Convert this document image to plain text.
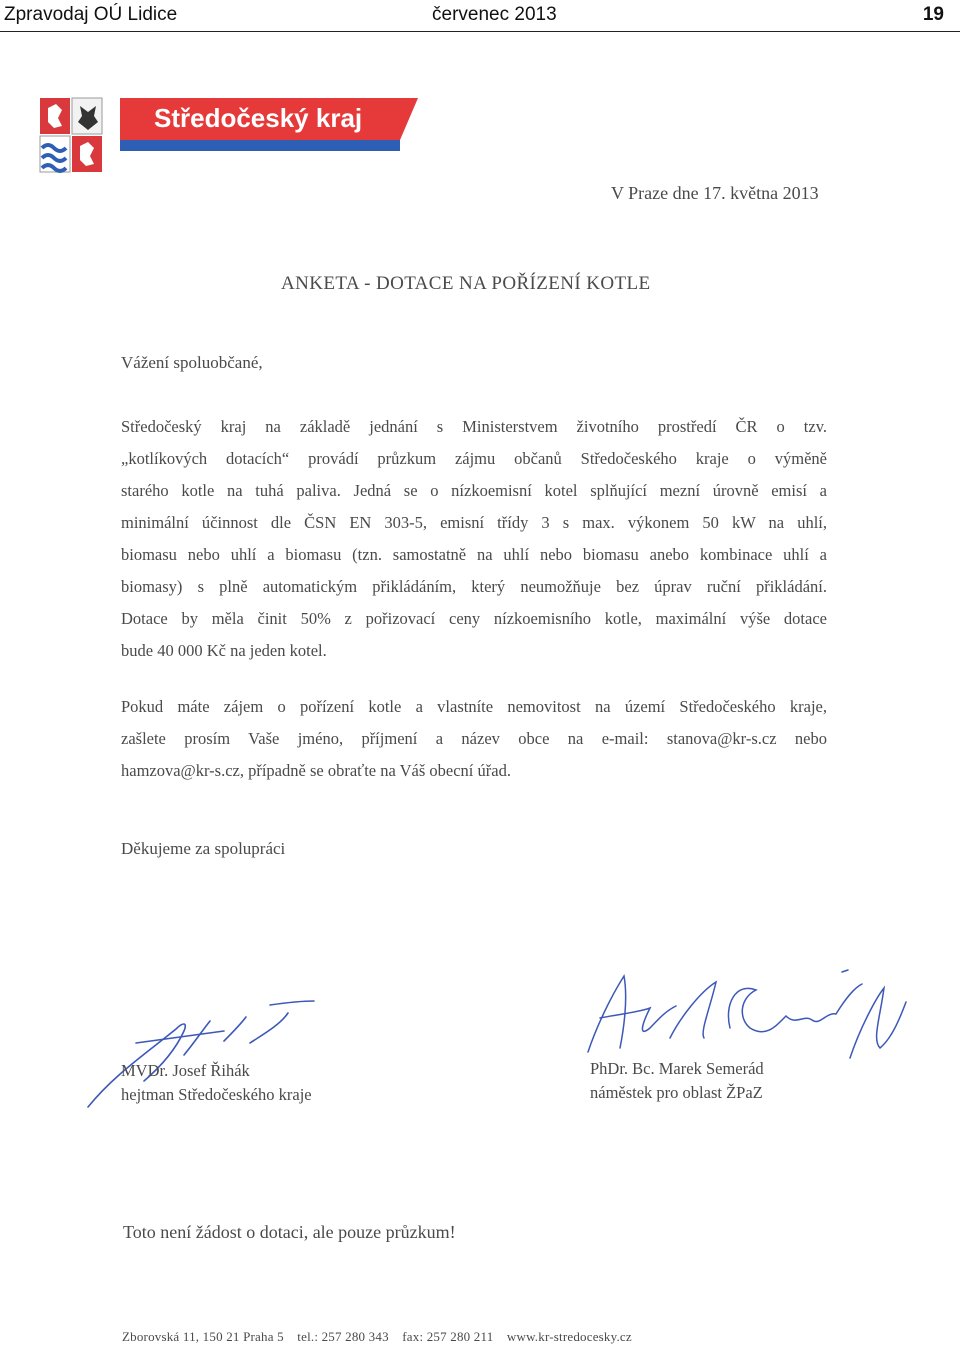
Zpravodaj OÚ Lidice	červenec 2013	19
Středočeský kraj
V Praze dne 17. května 2013
ANKETA - DOTACE NA POŘÍZENÍ KOTLE
Vážení spoluobčané,
Středočeský kraj na základě jednání s Ministerstvem životního prostředí ČR o tzv.
„kotlíkových dotacích“ provádí průzkum zájmu občanů Středočeského kraje o výměně
starého kotle na tuhá paliva. Jedná se o nízkoemisní kotel splňující mezní úrovně emisí a
minimální účinnost dle ČSN EN 303-5, emisní třídy 3 s max. výkonem 50 kW na uhlí,
biomasu nebo uhlí a biomasu (tzn. samostatně na uhlí nebo biomasu anebo kombinace uhlí a
biomasy) s plně automatickým přikládáním, který neumožňuje bez úprav ruční přikládání.
Dotace by měla činit 50% z pořizovací ceny nízkoemisního kotle, maximální výše dotace
bude 40 000 Kč na jeden kotel.
Pokud máte zájem o pořízení kotle a vlastníte nemovitost na území Středočeského kraje,
zašlete prosím Vaše jméno, příjmení a název obce na e-mail: stanova@kr-s.cz nebo
hamzova@kr-s.cz, případně se obraťte na Váš obecní úřad.
Děkujeme za spolupráci
MVDr. Josef Řihák
hejtman Středočeského kraje
PhDr. Bc. Marek Semerád
náměstek pro oblast ŽPaZ
Toto není žádost o dotaci, ale pouze průzkum!
Zborovská 11, 150 21 Praha 5 tel.: 257 280 343 fax: 257 280 211 www.kr-stredocesky.cz
